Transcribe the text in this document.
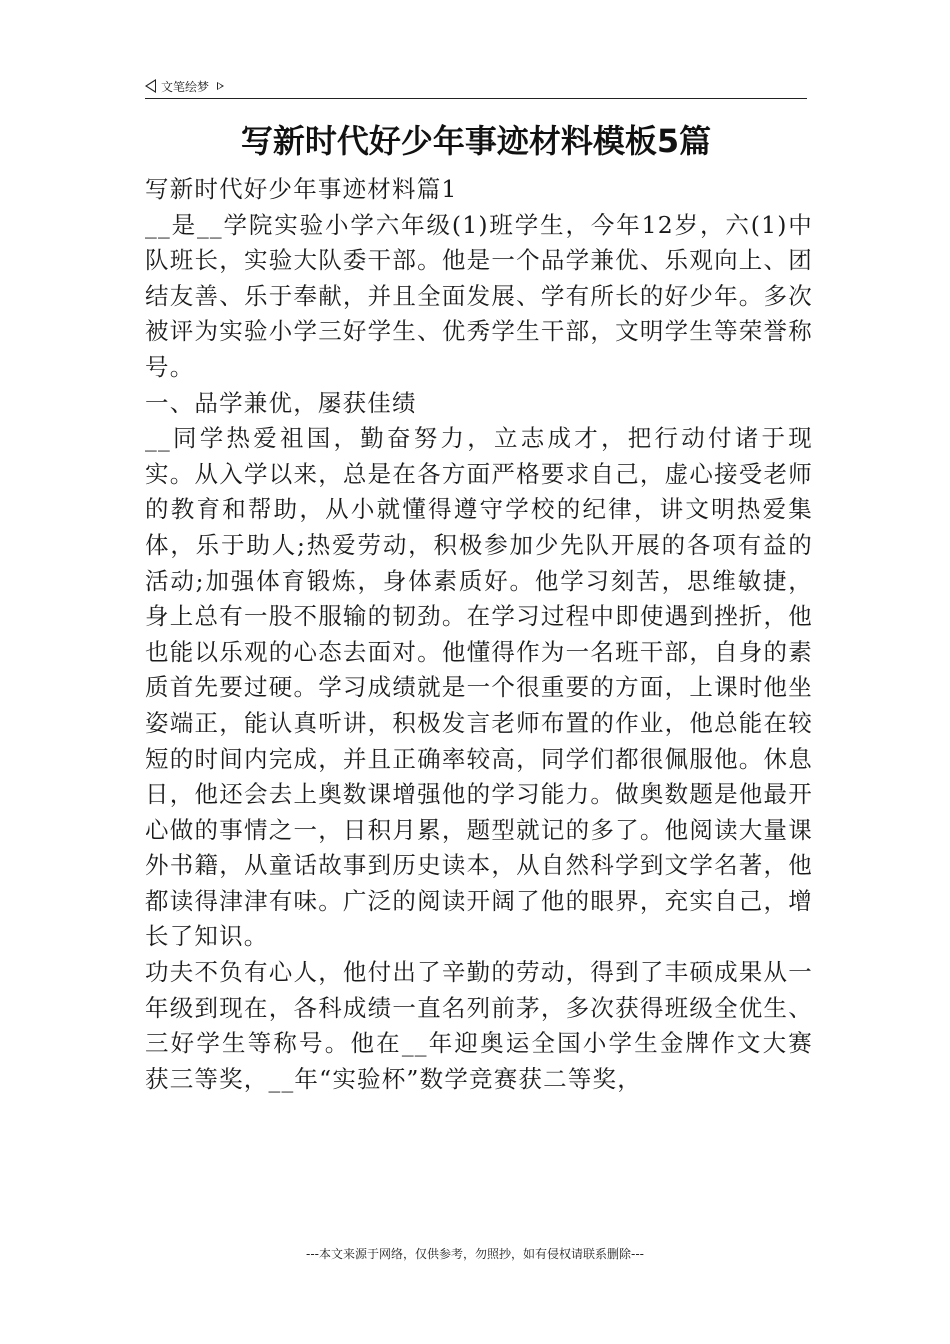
文笔绘梦
写新时代好少年事迹材料模板5篇

写新时代好少年事迹材料篇1

__是__学院实验小学六年级(1)班学生，今年12岁，六(1)中队班长，实验大队委干部。他是一个品学兼优、乐观向上、团结友善、乐于奉献，并且全面发展、学有所长的好少年。多次被评为实验小学三好学生、优秀学生干部，文明学生等荣誉称号。

一、品学兼优，屡获佳绩

__同学热爱祖国，勤奋努力，立志成才，把行动付诸于现实。从入学以来，总是在各方面严格要求自己，虚心接受老师的教育和帮助，从小就懂得遵守学校的纪律，讲文明热爱集体，乐于助人;热爱劳动，积极参加少先队开展的各项有益的活动;加强体育锻炼，身体素质好。他学习刻苦，思维敏捷，身上总有一股不服输的韧劲。在学习过程中即使遇到挫折，他也能以乐观的心态去面对。他懂得作为一名班干部，自身的素质首先要过硬。学习成绩就是一个很重要的方面，上课时他坐姿端正，能认真听讲，积极发言老师布置的作业，他总能在较短的时间内完成，并且正确率较高，同学们都很佩服他。休息日，他还会去上奥数课增强他的学习能力。做奥数题是他最开心做的事情之一，日积月累，题型就记的多了。他阅读大量课外书籍，从童话故事到历史读本，从自然科学到文学名著，他都读得津津有味。广泛的阅读开阔了他的眼界，充实自己，增长了知识。

功夫不负有心人，他付出了辛勤的劳动，得到了丰硕成果从一年级到现在，各科成绩一直名列前茅，多次获得班级全优生、三好学生等称号。他在__年迎奥运全国小学生金牌作文大赛获三等奖，__年“实验杯”数学竞赛获二等奖，

---本文来源于网络，仅供参考，勿照抄，如有侵权请联系删除---
